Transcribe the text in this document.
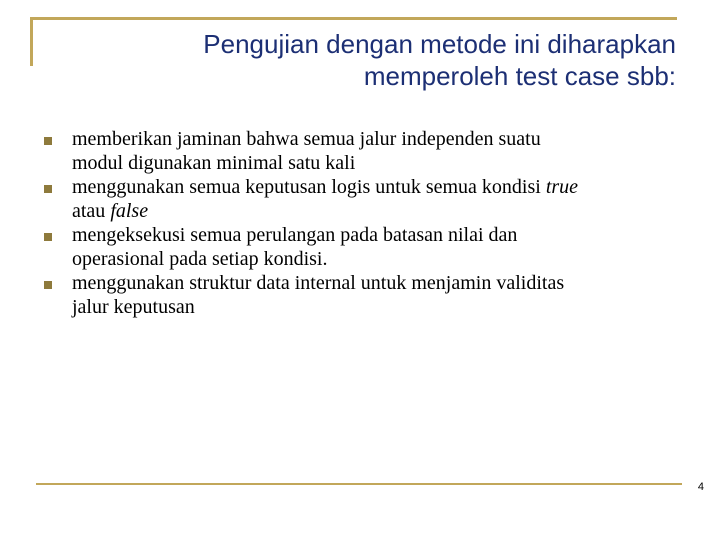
Pengujian dengan metode ini diharapkan
memperoleh test case sbb:
memberikan jaminan bahwa semua jalur independen suatu
modul digunakan minimal satu kali
menggunakan semua keputusan logis untuk semua kondisi true
atau false
mengeksekusi semua perulangan pada batasan nilai dan
operasional pada setiap kondisi.
menggunakan struktur data internal untuk menjamin validitas
jalur keputusan
4
